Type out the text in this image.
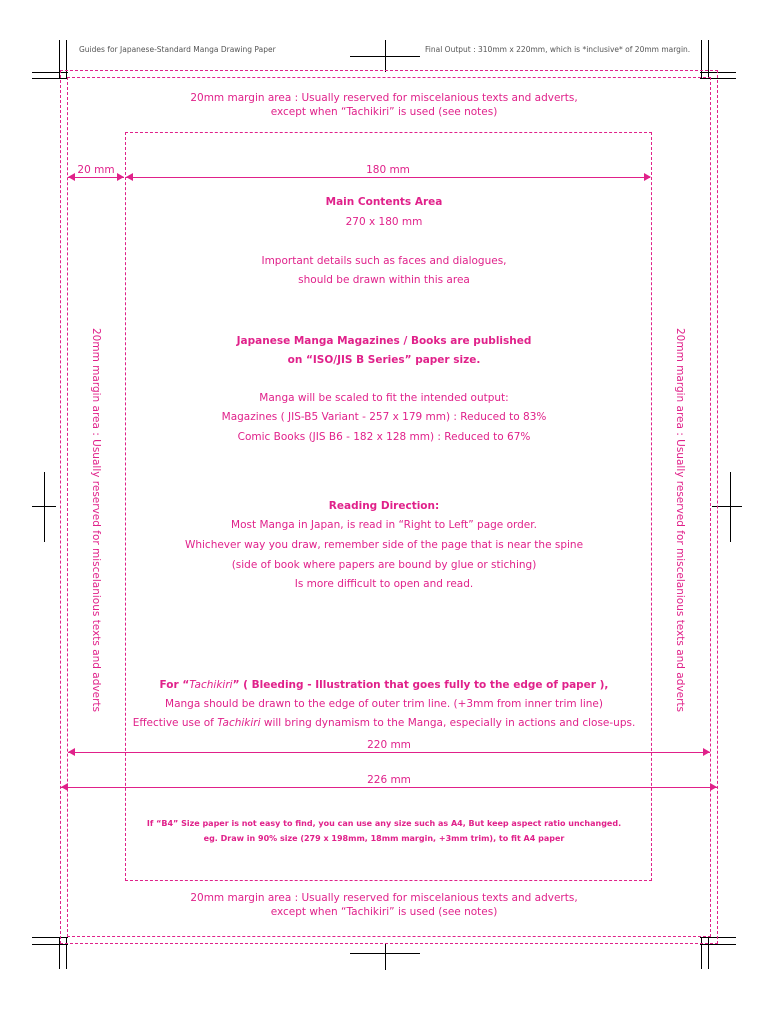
Guides for Japanese-Standard Manga Drawing Paper	Final Output : 310mm x 220mm, which is *inclusive* of 20mm margin.
20mm margin area : Usually reserved for miscelanious texts and adverts,
except when “Tachikiri” is used (see notes)
20 mm	180 mm
Main Contents Area
270 x 180 mm
Important details such as faces and dialogues,
should be drawn within this area
Japanese Manga Magazines / Books are published
on “ISO/JIS B Series” paper size.
Manga will be scaled to fit the intended output:
Magazines ( JIS-B5 Variant - 257 x 179 mm) : Reduced to 83%
Comic Books (JIS B6 - 182 x 128 mm) : Reduced to 67%
Reading Direction:
Most Manga in Japan, is read in “Right to Left” page order.
Whichever way you draw, remember side of the page that is near the spine
(side of book where papers are bound by glue or stiching)
Is more difficult to open and read.
For “Tachikiri” ( Bleeding - Illustration that goes fully to the edge of paper ),
Manga should be drawn to the edge of outer trim line. (+3mm from inner trim line)
Effective use of Tachikiri will bring dynamism to the Manga, especially in actions and close-ups.
220 mm
226 mm
If “B4” Size paper is not easy to find, you can use any size such as A4, But keep aspect ratio unchanged.
eg. Draw in 90% size (279 x 198mm, 18mm margin, +3mm trim), to fit A4 paper
20mm margin area : Usually reserved for miscelanious texts and adverts,
except when “Tachikiri” is used (see notes)
20mm margin area : Usually reserved for miscelanious texts and adverts	20mm margin area : Usually reserved for miscelanious texts and adverts
